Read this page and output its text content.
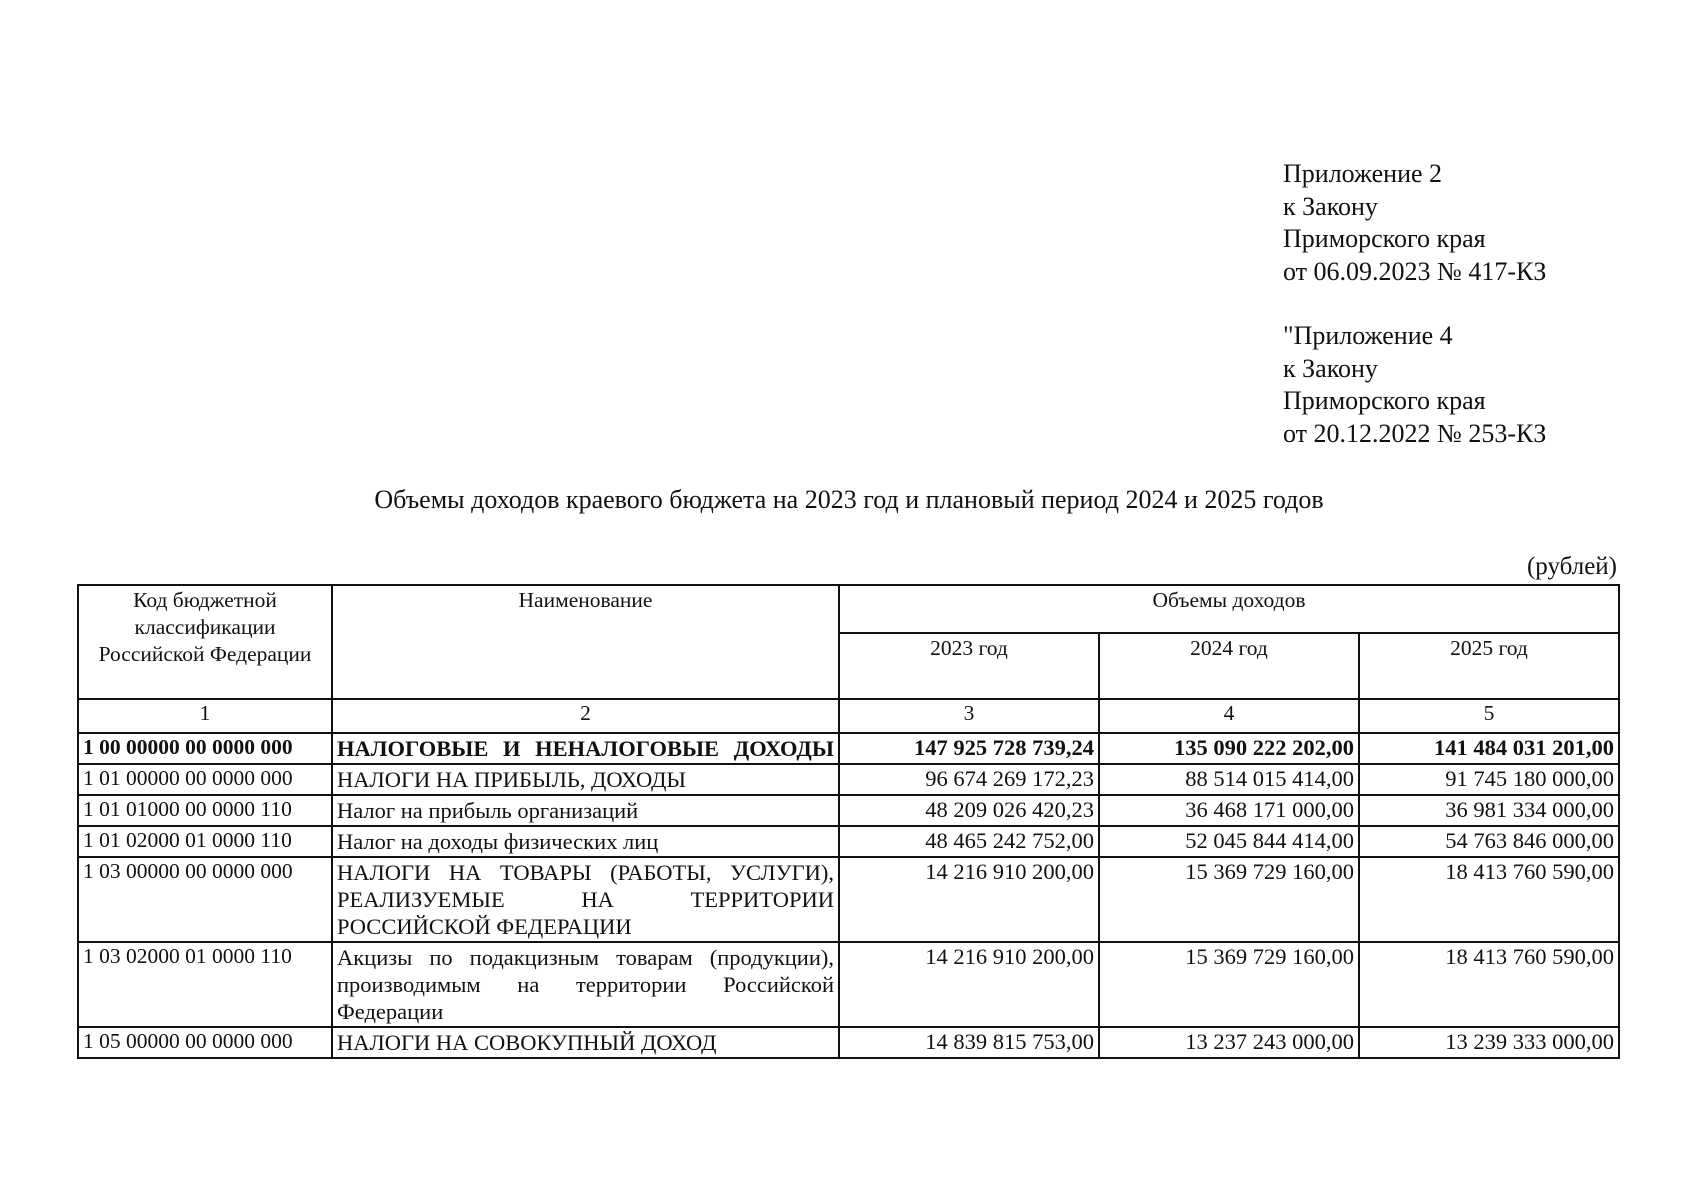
Приложение 2
к Закону
Приморского края
от 06.09.2023 № 417-КЗ
"Приложение 4
к Закону
Приморского края
от 20.12.2022 № 253-КЗ
Объемы доходов краевого бюджета на 2023 год и плановый период 2024 и 2025 годов
(рублей)
Код бюджетной классификации Российской Федерации	Наименование	Объемы доходов		
		2023 год	2024 год	2025 год
1	2	3	4	5
1 00 00000 00 0000 000	НАЛОГОВЫЕ И НЕНАЛОГОВЫЕ ДОХОДЫ	147 925 728 739,24	135 090 222 202,00	141 484 031 201,00
1 01 00000 00 0000 000	НАЛОГИ НА ПРИБЫЛЬ, ДОХОДЫ	96 674 269 172,23	88 514 015 414,00	91 745 180 000,00
1 01 01000 00 0000 110	Налог на прибыль организаций	48 209 026 420,23	36 468 171 000,00	36 981 334 000,00
1 01 02000 01 0000 110	Налог на доходы физических лиц	48 465 242 752,00	52 045 844 414,00	54 763 846 000,00
1 03 00000 00 0000 000	НАЛОГИ НА ТОВАРЫ (РАБОТЫ, УСЛУГИ), РЕАЛИЗУЕМЫЕ НА ТЕРРИТОРИИ РОССИЙСКОЙ ФЕДЕРАЦИИ	14 216 910 200,00	15 369 729 160,00	18 413 760 590,00
1 03 02000 01 0000 110	Акцизы по подакцизным товарам (продукции), производимым на территории Российской Федерации	14 216 910 200,00	15 369 729 160,00	18 413 760 590,00
1 05 00000 00 0000 000	НАЛОГИ НА СОВОКУПНЫЙ ДОХОД	14 839 815 753,00	13 237 243 000,00	13 239 333 000,00
